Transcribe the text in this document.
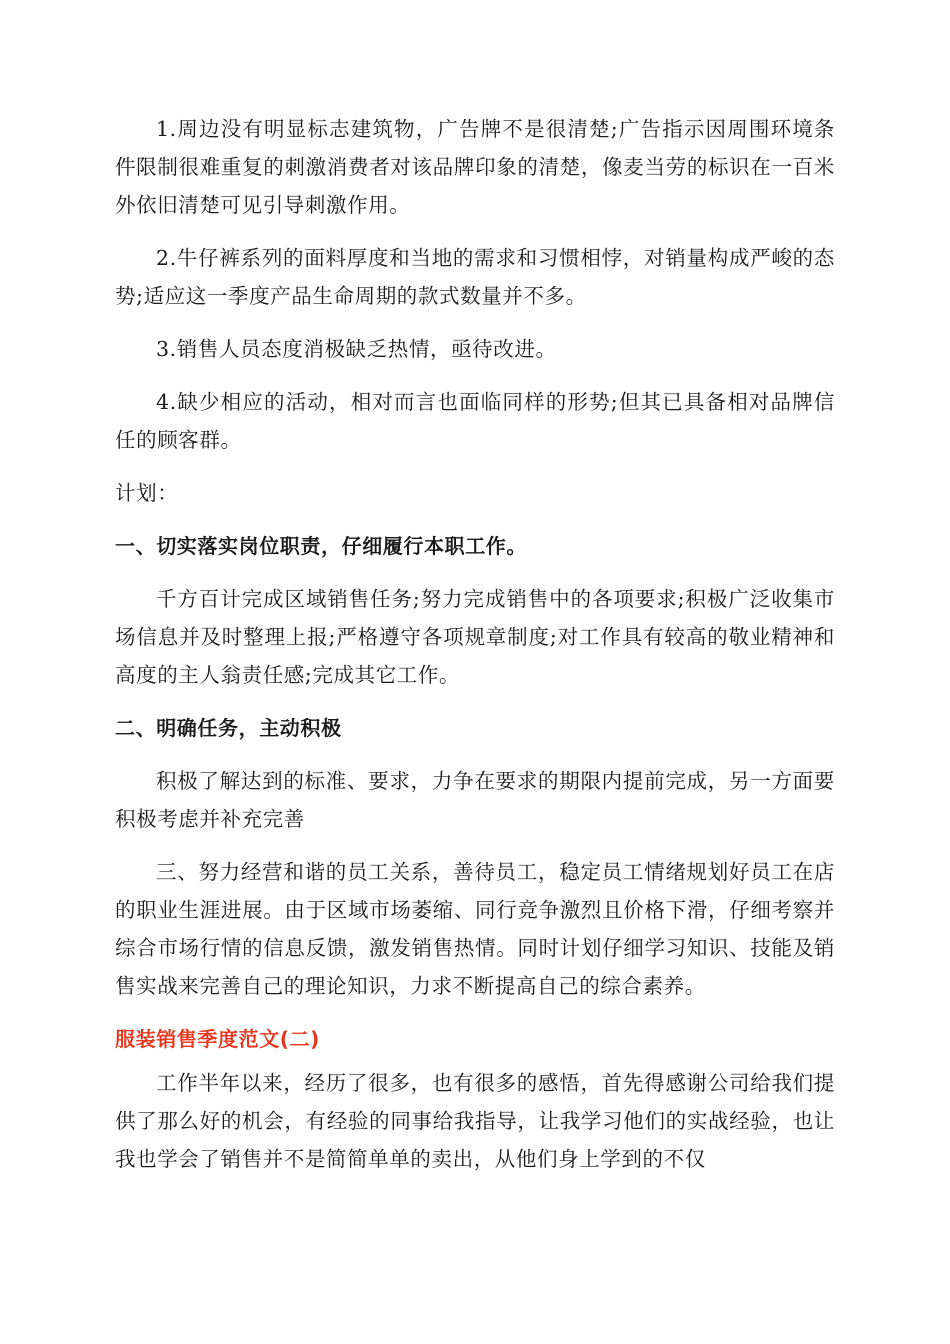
1.周边没有明显标志建筑物，广告牌不是很清楚;广告指示因周围环境条件限制很难重复的刺激消费者对该品牌印象的清楚，像麦当劳的标识在一百米外依旧清楚可见引导刺激作用。

2.牛仔裤系列的面料厚度和当地的需求和习惯相悖，对销量构成严峻的态势;适应这一季度产品生命周期的款式数量并不多。

3.销售人员态度消极缺乏热情，亟待改进。

4.缺少相应的活动，相对而言也面临同样的形势;但其已具备相对品牌信任的顾客群。

计划：

一、切实落实岗位职责，仔细履行本职工作。

千方百计完成区域销售任务;努力完成销售中的各项要求;积极广泛收集市场信息并及时整理上报;严格遵守各项规章制度;对工作具有较高的敬业精神和高度的主人翁责任感;完成其它工作。

二、明确任务，主动积极

积极了解达到的标准、要求，力争在要求的期限内提前完成，另一方面要积极考虑并补充完善

三、努力经营和谐的员工关系，善待员工，稳定员工情绪规划好员工在店的职业生涯进展。由于区域市场萎缩、同行竞争激烈且价格下滑，仔细考察并综合市场行情的信息反馈，激发销售热情。同时计划仔细学习知识、技能及销售实战来完善自己的理论知识，力求不断提高自己的综合素养。

服装销售季度范文(二)

工作半年以来，经历了很多，也有很多的感悟，首先得感谢公司给我们提供了那么好的机会，有经验的同事给我指导，让我学习他们的实战经验，也让我也学会了销售并不是简简单单的卖出，从他们身上学到的不仅
